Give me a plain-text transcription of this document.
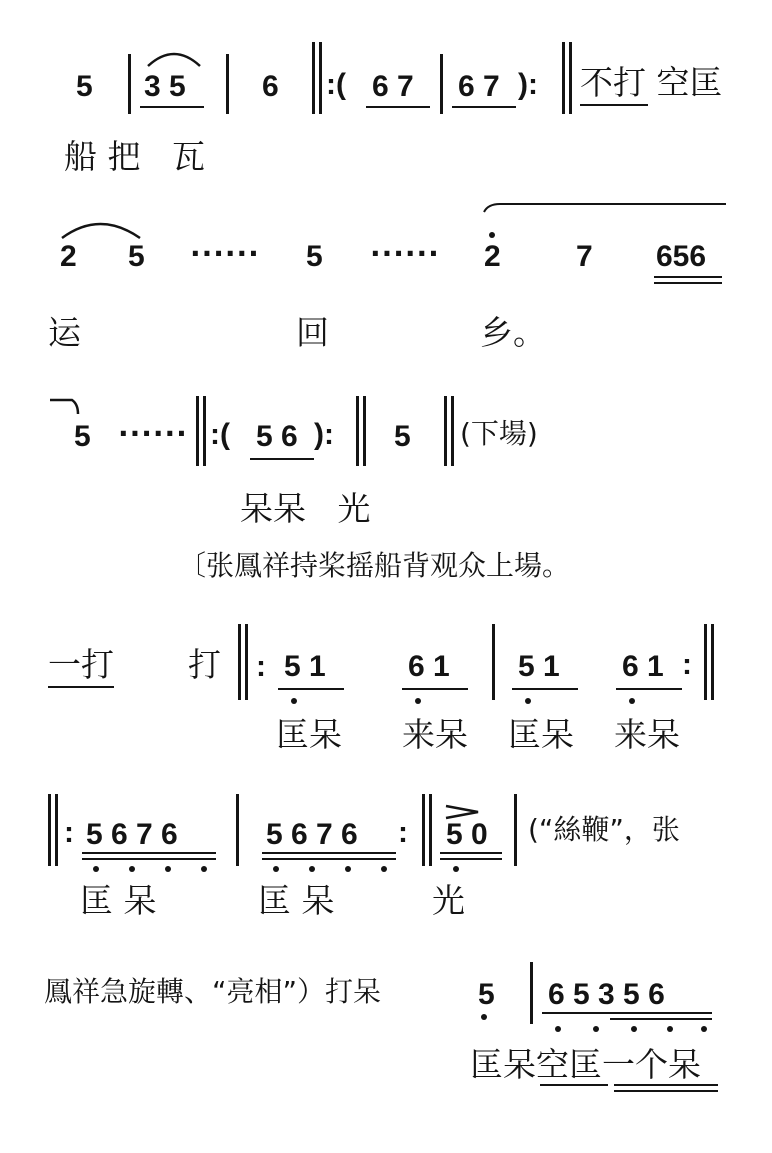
5 3 5	6 :( 6 7 6 7 ): 不打 空匡
船 把   瓦
2 5 ······ 5 ······ 2	7 656
运	回	乡。
5 ······ :( 5 6 ): 5 (下場)
呆呆   光
〔张鳳祥持桨摇船背观众上場。
一打 打 : 5 1	6 1 5 1 6 1 :
匡呆 来呆 匡呆 来呆
: 5 6 7 6	5 6 7 6 : 5 0 (“絲鞭”，张
匡 呆	匡 呆	光
鳳祥急旋轉、“亮相”）打呆	5 6 5 3 5 6
匡呆空匡一个呆
